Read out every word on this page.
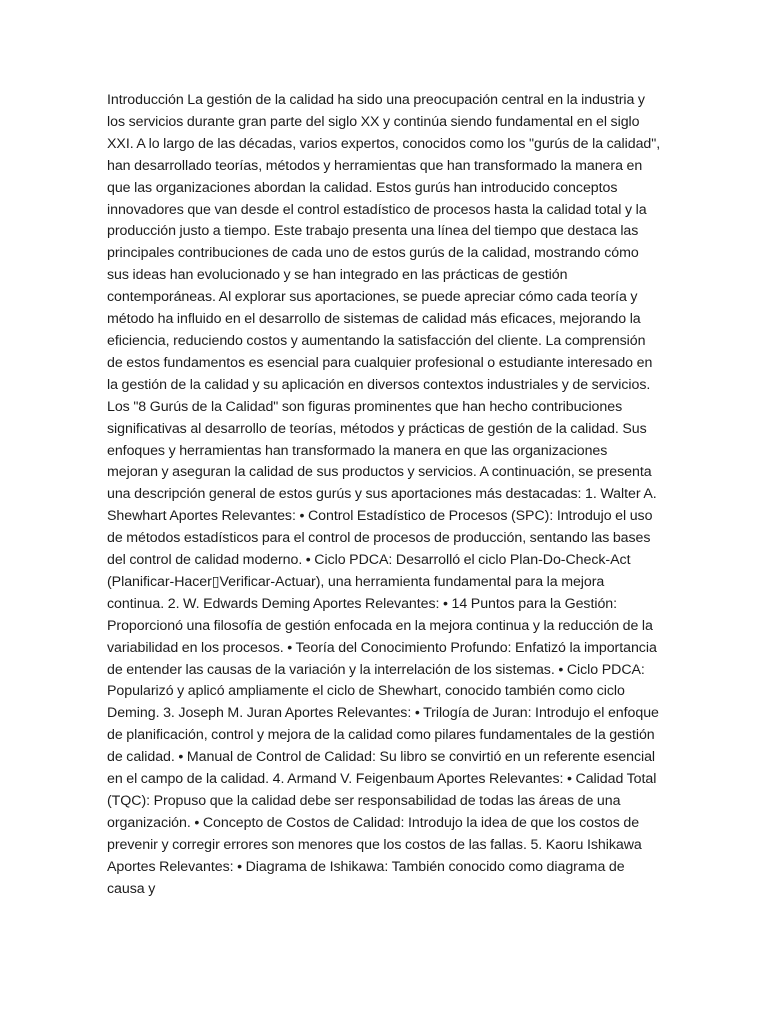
Introducción La gestión de la calidad ha sido una preocupación central en la industria y los servicios durante gran parte del siglo XX y continúa siendo fundamental en el siglo XXI. A lo largo de las décadas, varios expertos, conocidos como los "gurús de la calidad", han desarrollado teorías, métodos y herramientas que han transformado la manera en que las organizaciones abordan la calidad. Estos gurús han introducido conceptos innovadores que van desde el control estadístico de procesos hasta la calidad total y la producción justo a tiempo. Este trabajo presenta una línea del tiempo que destaca las principales contribuciones de cada uno de estos gurús de la calidad, mostrando cómo sus ideas han evolucionado y se han integrado en las prácticas de gestión contemporáneas. Al explorar sus aportaciones, se puede apreciar cómo cada teoría y método ha influido en el desarrollo de sistemas de calidad más eficaces, mejorando la eficiencia, reduciendo costos y aumentando la satisfacción del cliente. La comprensión de estos fundamentos es esencial para cualquier profesional o estudiante interesado en la gestión de la calidad y su aplicación en diversos contextos industriales y de servicios. Los "8 Gurús de la Calidad" son figuras prominentes que han hecho contribuciones significativas al desarrollo de teorías, métodos y prácticas de gestión de la calidad. Sus enfoques y herramientas han transformado la manera en que las organizaciones mejoran y aseguran la calidad de sus productos y servicios. A continuación, se presenta una descripción general de estos gurús y sus aportaciones más destacadas: 1. Walter A. Shewhart Aportes Relevantes: • Control Estadístico de Procesos (SPC): Introdujo el uso de métodos estadísticos para el control de procesos de producción, sentando las bases del control de calidad moderno. • Ciclo PDCA: Desarrolló el ciclo Plan-Do-Check-Act (Planificar-Hacer▯Verificar-Actuar), una herramienta fundamental para la mejora continua. 2. W. Edwards Deming Aportes Relevantes: • 14 Puntos para la Gestión: Proporcionó una filosofía de gestión enfocada en la mejora continua y la reducción de la variabilidad en los procesos. • Teoría del Conocimiento Profundo: Enfatizó la importancia de entender las causas de la variación y la interrelación de los sistemas. • Ciclo PDCA: Popularizó y aplicó ampliamente el ciclo de Shewhart, conocido también como ciclo Deming. 3. Joseph M. Juran Aportes Relevantes: • Trilogía de Juran: Introdujo el enfoque de planificación, control y mejora de la calidad como pilares fundamentales de la gestión de calidad. • Manual de Control de Calidad: Su libro se convirtió en un referente esencial en el campo de la calidad. 4. Armand V. Feigenbaum Aportes Relevantes: • Calidad Total (TQC): Propuso que la calidad debe ser responsabilidad de todas las áreas de una organización. • Concepto de Costos de Calidad: Introdujo la idea de que los costos de prevenir y corregir errores son menores que los costos de las fallas. 5. Kaoru Ishikawa Aportes Relevantes: • Diagrama de Ishikawa: También conocido como diagrama de causa y
